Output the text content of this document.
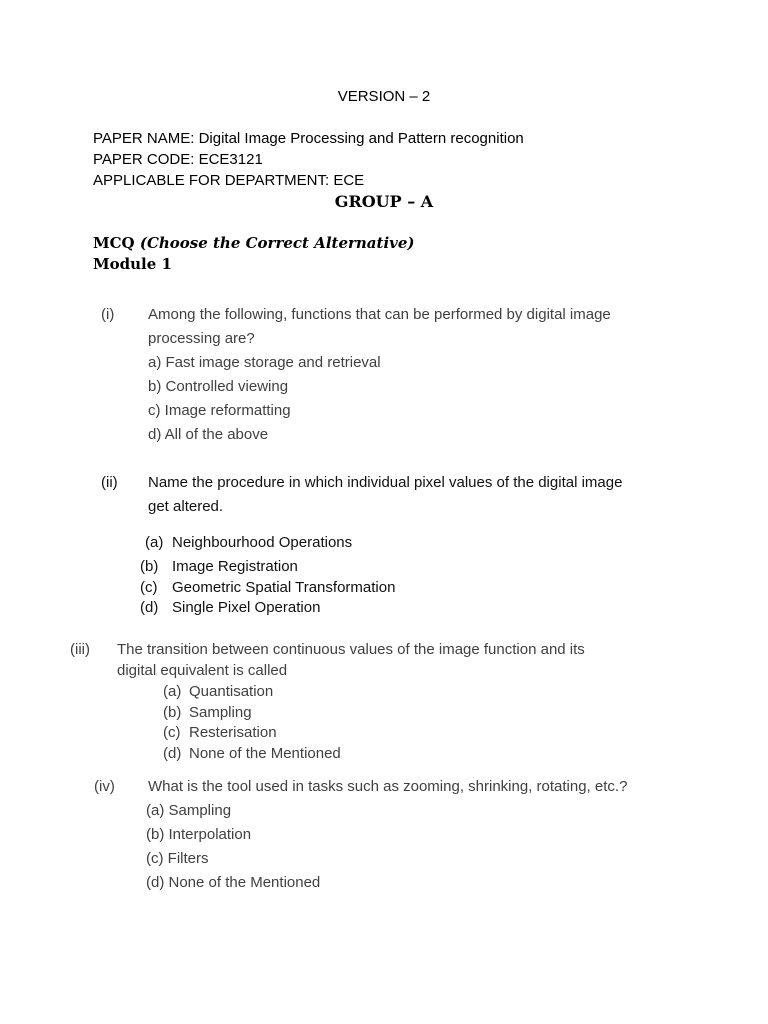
VERSION – 2
PAPER NAME: Digital Image Processing and Pattern recognition
PAPER CODE: ECE3121
APPLICABLE FOR DEPARTMENT: ECE
GROUP – A
MCQ (Choose the Correct Alternative)
Module 1
(i) Among the following, functions that can be performed by digital image
processing are?
a) Fast image storage and retrieval
b) Controlled viewing
c) Image reformatting
d) All of the above
(ii) Name the procedure in which individual pixel values of the digital image
get altered.
(a) Neighbourhood Operations
(b) Image Registration
(c) Geometric Spatial Transformation
(d) Single Pixel Operation
(iii) The transition between continuous values of the image function and its
digital equivalent is called
(a) Quantisation
(b) Sampling
(c) Resterisation
(d) None of the Mentioned
(iv) What is the tool used in tasks such as zooming, shrinking, rotating, etc.?
(a) Sampling
(b) Interpolation
(c) Filters
(d) None of the Mentioned
